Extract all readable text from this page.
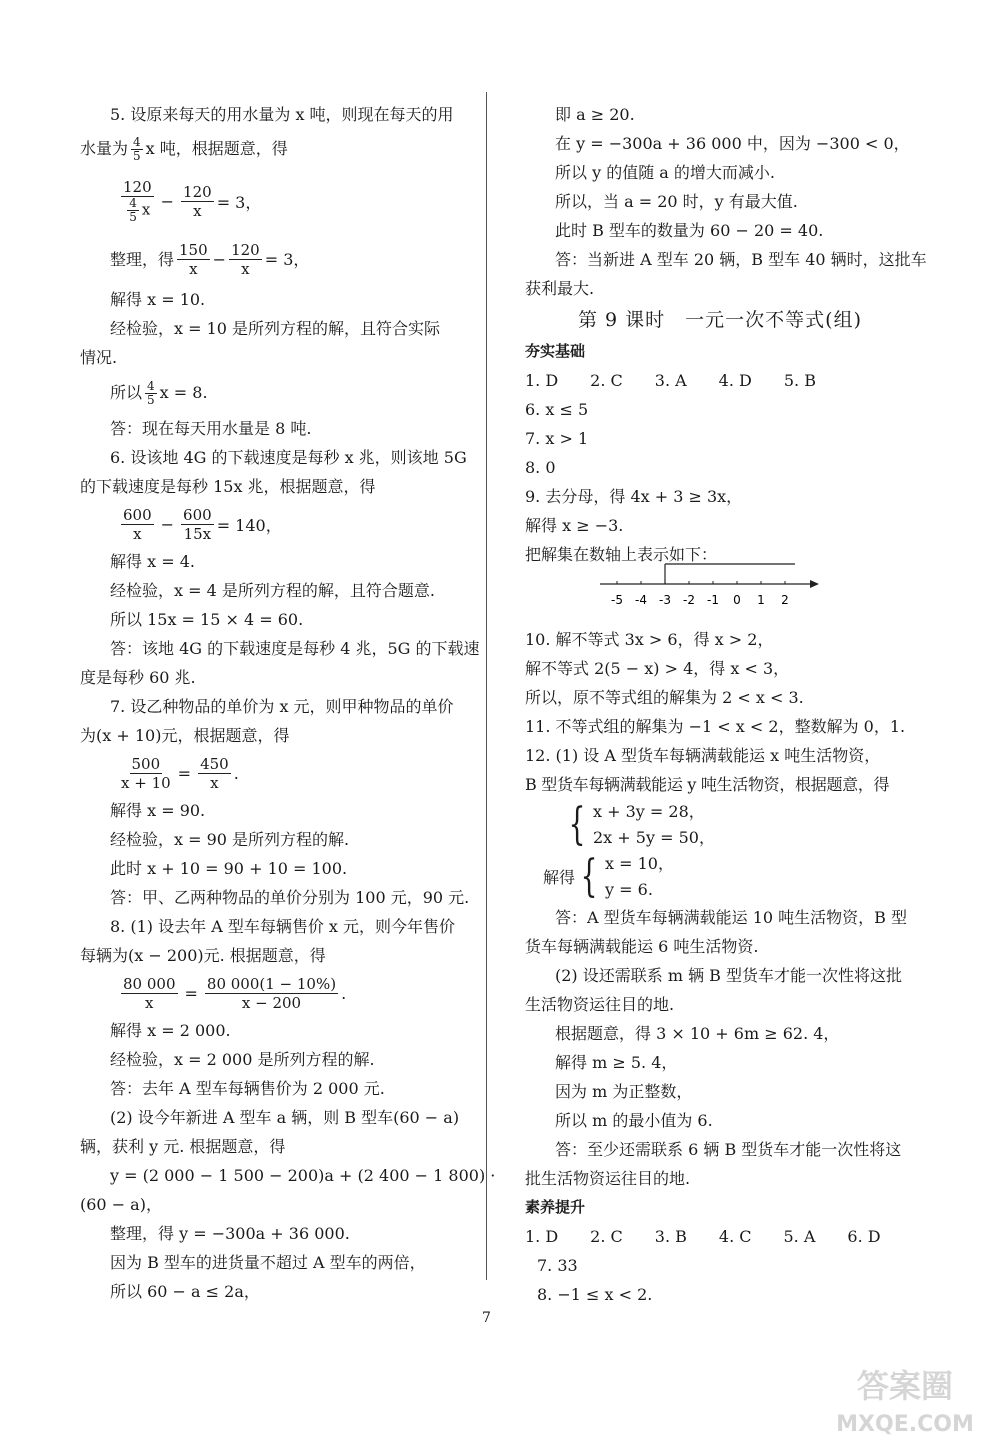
5. 设原来每天的用水量为 x 吨，则现在每天的用
水量为 $\frac{4}{5}$ x 吨，根据题意，得
$\frac{120}{\frac{4}{5} x} - \frac{120}{x} = 3$，
整理，得 $\frac{150}{x} - \frac{120}{x} = 3$，
解得 x = 10.
经检验，x = 10 是所列方程的解，且符合实际
情况.
所以 $\frac{4}{5}$ x = 8.
答：现在每天用水量是 8 吨.
6. 设该地 4G 的下载速度是每秒 x 兆，则该地 5G
的下载速度是每秒 15x 兆，根据题意，得
$\frac{600}{x} - \frac{600}{15x} = 140$，
解得 x = 4.
经检验，x = 4 是所列方程的解，且符合题意.
所以 15x = 15 × 4 = 60.
答：该地 4G 的下载速度是每秒 4 兆，5G 的下载速
度是每秒 60 兆.
7. 设乙种物品的单价为 x 元，则甲种物品的单价
为(x + 10)元，根据题意，得
$\frac{500}{x + 10} = \frac{450}{x}$ .
解得 x = 90.
经检验，x = 90 是所列方程的解.
此时 x + 10 = 90 + 10 = 100.
答：甲、乙两种物品的单价分别为 100 元，90 元.
8. (1) 设去年 A 型车每辆售价 x 元，则今年售价
每辆为(x − 200)元. 根据题意，得
$\frac{80 000}{x} = \frac{80 000(1 - 10\%)}{x - 200}$ .
解得 x = 2 000.
经检验，x = 2 000 是所列方程的解.
答：去年 A 型车每辆售价为 2 000 元.
(2) 设今年新进 A 型车 a 辆，则 B 型车(60 − a)
辆，获利 y 元. 根据题意，得
y = (2 000 − 1 500 − 200)a + (2 400 − 1 800) ·
(60 − a)，
整理，得 y = −300a + 36 000.
因为 B 型车的进货量不超过 A 型车的两倍，
所以 60 − a ≤ 2a，
即 a ≥ 20.
在 y = −300a + 36 000 中，因为 −300 < 0，
所以 y 的值随 a 的增大而减小.
所以，当 a = 20 时，y 有最大值.
此时 B 型车的数量为 60 − 20 = 40.
答：当新进 A 型车 20 辆，B 型车 40 辆时，这批车
获利最大.
第 9 课时　一元一次不等式(组)
夯实基础
1. D　　2. C　　3. A　　4. D　　5. B
6. x ≤ 5
7. x > 1
8. 0
9. 去分母，得 4x + 3 ≥ 3x，
解得 x ≥ −3.
把解集在数轴上表示如下：
10. 解不等式 3x > 6，得 x > 2，
解不等式 2(5 − x) > 4，得 x < 3，
所以，原不等式组的解集为 2 < x < 3.
11. 不等式组的解集为 −1 < x < 2，整数解为 0，1.
12. (1) 设 A 型货车每辆满载能运 x 吨生活物资，
B 型货车每辆满载能运 y 吨生活物资，根据题意，得
{ x + 3y = 28，
2x + 5y = 50，
解得 { x = 10，
y = 6.
答：A 型货车每辆满载能运 10 吨生活物资，B 型
货车每辆满载能运 6 吨生活物资.
(2) 设还需联系 m 辆 B 型货车才能一次性将这批
生活物资运往目的地.
根据题意，得 3 × 10 + 6m ≥ 62. 4，
解得 m ≥ 5. 4，
因为 m 为正整数，
所以 m 的最小值为 6.
答：至少还需联系 6 辆 B 型货车才能一次性将这
批生活物资运往目的地.
素养提升
1. D　　2. C　　3. B　　4. C　　5. A　　6. D
7. 33
8. −1 ≤ x < 2.
-5 -4 -3 -2 -1 0 1 2
7
答案圈
MXQE.COM
